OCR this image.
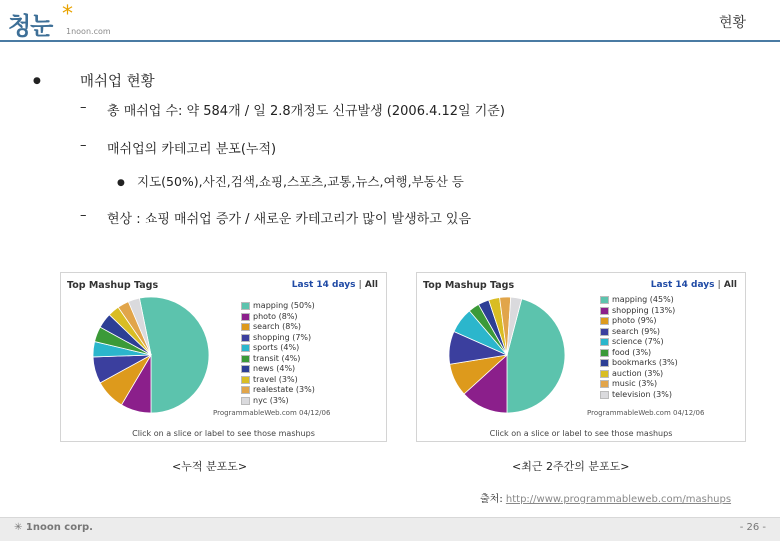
청눈 *
1noon.com
현황
●	매쉬업 현황
– 총 매쉬업 수: 약 584개 / 일 2.8개정도 신규발생 (2006.4.12일 기준)
– 매쉬업의 카테고리 분포(누적)
● 지도(50%),사진,검색,쇼핑,스포츠,교통,뉴스,여행,부동산 등
– 현상 : 쇼핑 매쉬업 증가 / 새로운 카테고리가 많이 발생하고 있음
Top Mashup Tags	Last 14 days | All
mapping (50%)
photo (8%)
search (8%)
shopping (7%)
sports (4%)
transit (4%)
news (4%)
travel (3%)
realestate (3%)
nyc (3%)
ProgrammableWeb.com 04/12/06
Click on a slice or label to see those mashups
<누적 분포도>
Top Mashup Tags	Last 14 days | All
mapping (45%)
shopping (13%)
photo (9%)
search (9%)
science (7%)
food (3%)
bookmarks (3%)
auction (3%)
music (3%)
television (3%)
ProgrammableWeb.com 04/12/06
Click on a slice or label to see those mashups
<최근 2주간의 분포도>
출처: http://www.programmableweb.com/mashups
✳ 1noon corp.	- 26 -
